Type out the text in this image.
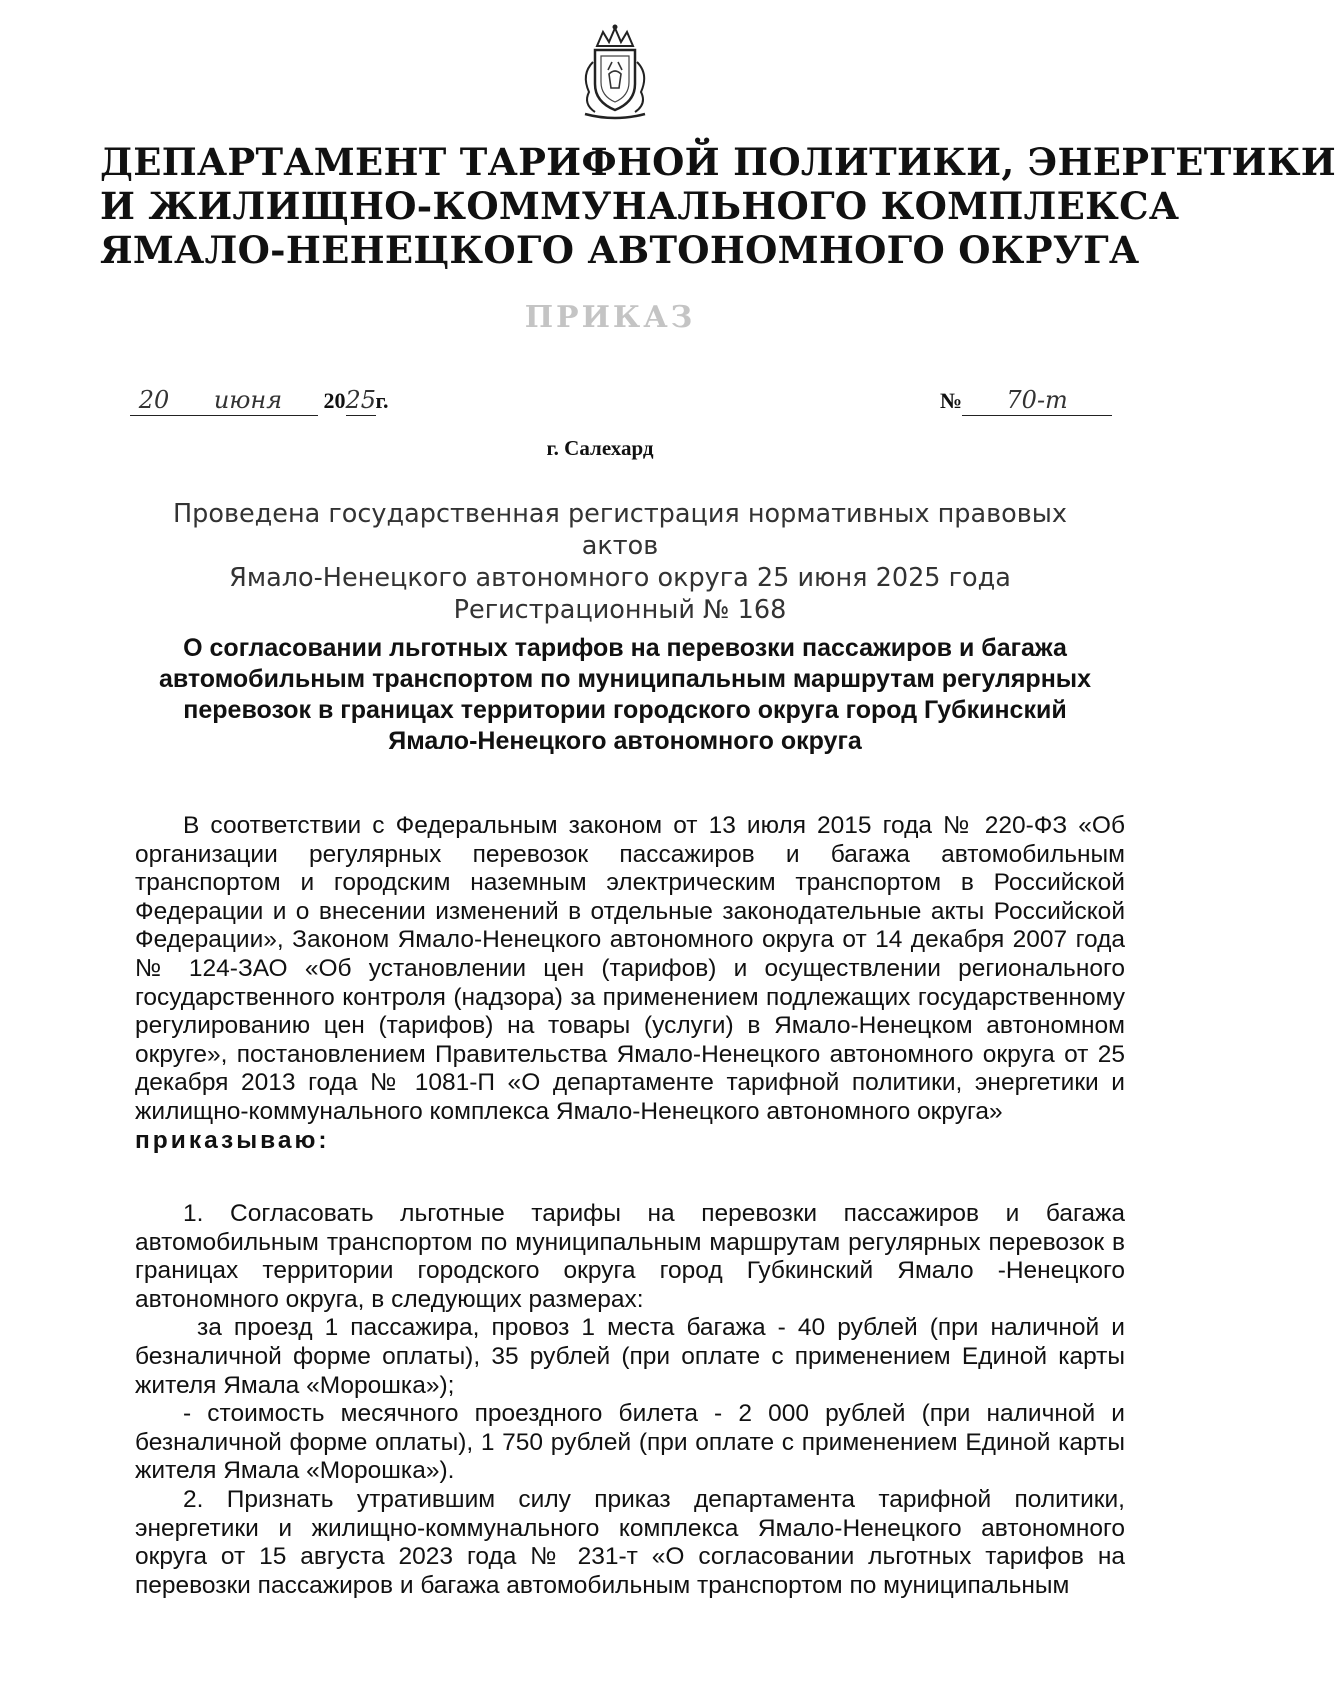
ДЕПАРТАМЕНТ ТАРИФНОЙ ПОЛИТИКИ, ЭНЕРГЕТИКИ
И ЖИЛИЩНО-КОММУНАЛЬНОГО КОМПЛЕКСА
ЯМАЛО-НЕНЕЦКОГО АВТОНОМНОГО ОКРУГА
ПРИКАЗ
20 июня 2025г.	№ 70-т
г. Салехард
Проведена государственная регистрация нормативных правовых актов
Ямало-Ненецкого автономного округа 25 июня 2025 года
Регистрационный № 168
О согласовании льготных тарифов на перевозки пассажиров и багажа
автомобильным транспортом по муниципальным маршрутам регулярных
перевозок в границах территории городского округа город Губкинский
Ямало-Ненецкого автономного округа
В соответствии с Федеральным законом от 13 июля 2015 года № 220-ФЗ «Об организации регулярных перевозок пассажиров и багажа автомобильным транспортом и городским наземным электрическим транспортом в Российской Федерации и о внесении изменений в отдельные законодательные акты Российской Федерации», Законом Ямало-Ненецкого автономного округа от 14 декабря 2007 года № 124-ЗАО «Об установлении цен (тарифов) и осуществлении регионального государственного контроля (надзора) за применением подлежащих государственному регулированию цен (тарифов) на товары (услуги) в Ямало-Ненецком автономном округе», постановлением Правительства Ямало-Ненецкого автономного округа от 25 декабря 2013 года № 1081-П «О департаменте тарифной политики, энергетики и жилищно-коммунального комплекса Ямало-Ненецкого автономного округа»
приказываю:

1. Согласовать льготные тарифы на перевозки пассажиров и багажа автомобильным транспортом по муниципальным маршрутам регулярных перевозок в границах территории городского округа город Губкинский Ямало -Ненецкого автономного округа, в следующих размерах:

за проезд 1 пассажира, провоз 1 места багажа - 40 рублей (при наличной и безналичной форме оплаты), 35 рублей (при оплате с применением Единой карты жителя Ямала «Морошка»);

- стоимость месячного проездного билета - 2 000 рублей (при наличной и безналичной форме оплаты), 1 750 рублей (при оплате с применением Единой карты жителя Ямала «Морошка»).

2. Признать утратившим силу приказ департамента тарифной политики, энергетики и жилищно-коммунального комплекса Ямало-Ненецкого автономного округа от 15 августа 2023 года № 231-т «О согласовании льготных тарифов на перевозки пассажиров и багажа автомобильным транспортом по муниципальным
